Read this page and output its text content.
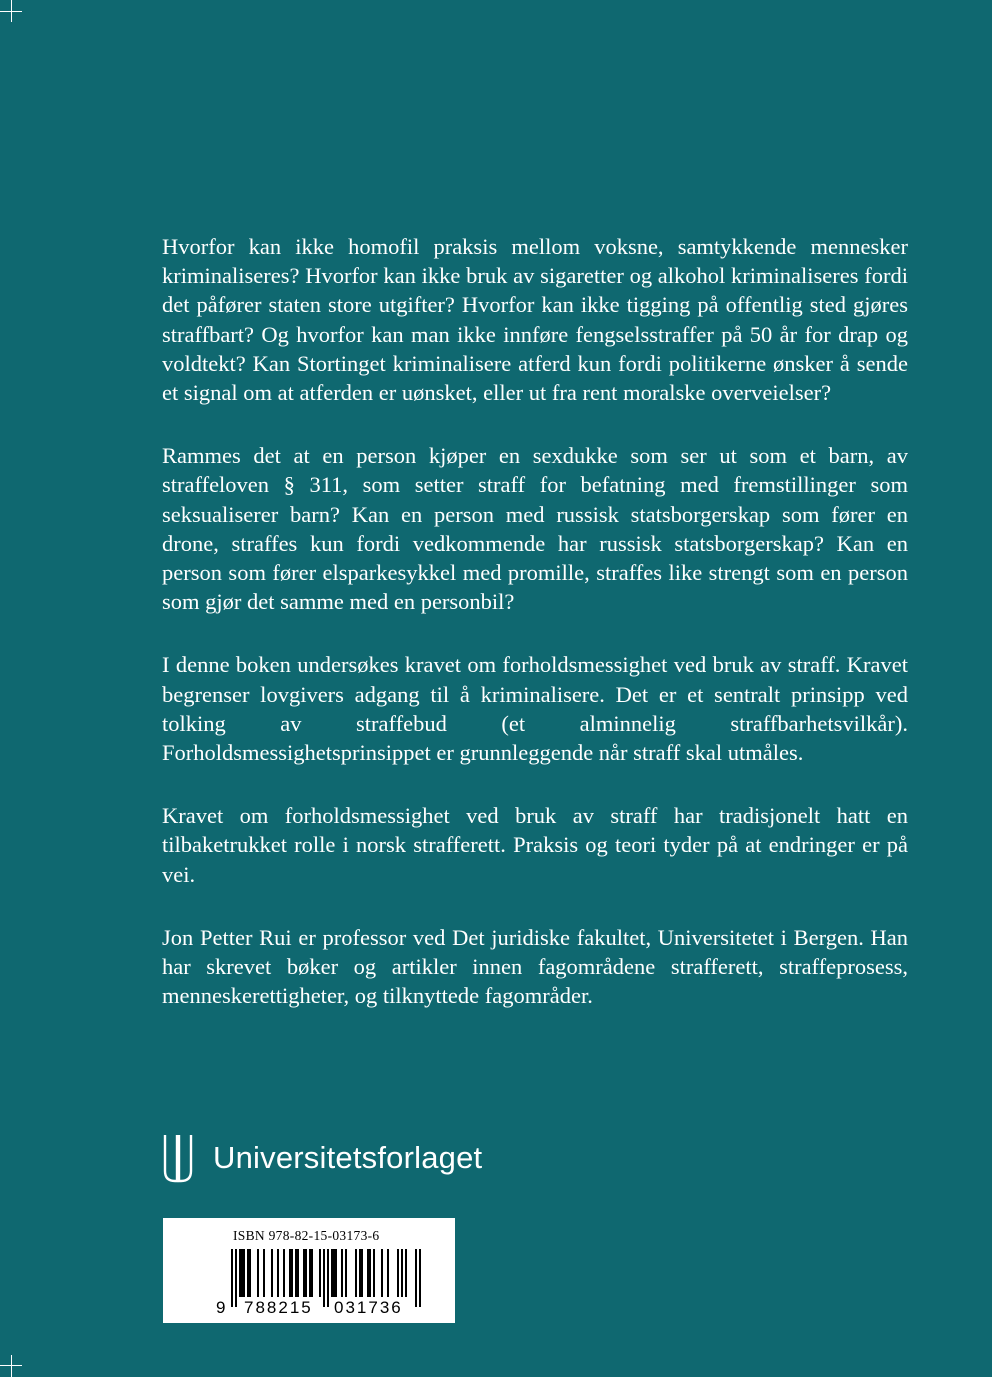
Hvorfor kan ikke homofil praksis mellom voksne, samtykkende mennesker kriminaliseres? Hvorfor kan ikke bruk av sigaretter og alkohol kriminaliseres fordi det påfører staten store utgifter? Hvorfor kan ikke tigging på offentlig sted gjøres straffbart? Og hvorfor kan man ikke innføre fengselsstraffer på 50 år for drap og voldtekt? Kan Stortinget kriminalisere atferd kun fordi politikerne ønsker å sende et signal om at atferden er uønsket, eller ut fra rent moralske overveielser?

Rammes det at en person kjøper en sexdukke som ser ut som et barn, av straffeloven § 311, som setter straff for befatning med fremstillinger som seksualiserer barn? Kan en person med russisk statsborgerskap som fører en drone, straffes kun fordi vedkommende har russisk statsborgerskap? Kan en person som fører elsparkesykkel med promille, straffes like strengt som en person som gjør det samme med en personbil?

I denne boken undersøkes kravet om forholdsmessighet ved bruk av straff. Kravet begrenser lovgivers adgang til å kriminalisere. Det er et sentralt prinsipp ved tolking av straffebud (et alminnelig straffbarhetsvilkår). Forholdsmessighetsprinsippet er grunnleggende når straff skal utmåles.

Kravet om forholdsmessighet ved bruk av straff har tradisjonelt hatt en tilbaketrukket rolle i norsk strafferett. Praksis og teori tyder på at endringer er på vei.

Jon Petter Rui er professor ved Det juridiske fakultet, Universitetet i Bergen. Han har skrevet bøker og artikler innen fagområdene strafferett, straffeprosess, menneskerettigheter, og tilknyttede fagområder.

Universitetsforlaget
ISBN 978-82-15-03173-6
9 788215 031736
